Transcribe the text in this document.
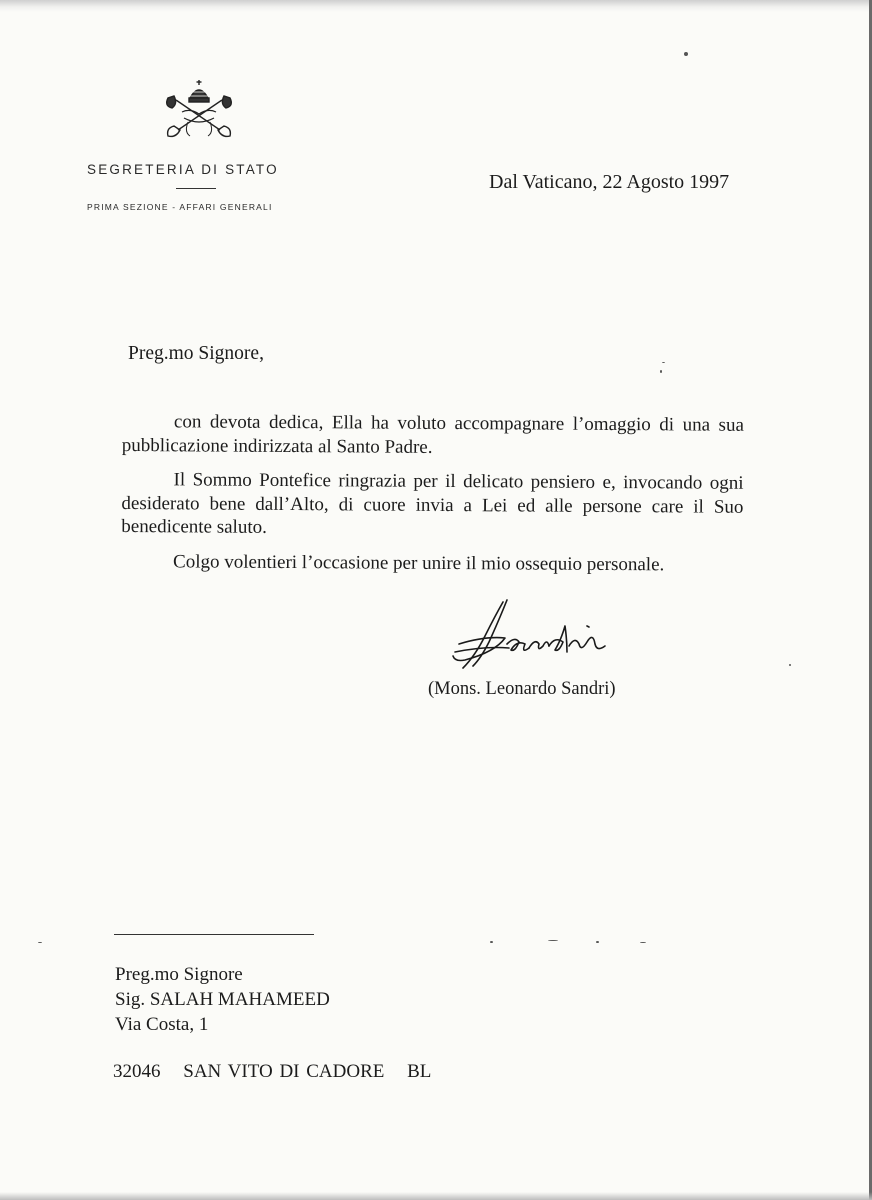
SEGRETERIA DI STATO
PRIMA SEZIONE - AFFARI GENERALI
Dal Vaticano, 22 Agosto 1997
Preg.mo Signore,

con devota dedica, Ella ha voluto accompagnare l’omaggio di una sua pubblicazione indirizzata al Santo Padre.

Il Sommo Pontefice ringrazia per il delicato pensiero e, invocando ogni desiderato bene dall’Alto, di cuore invia a Lei ed alle persone care il Suo benedicente saluto.

Colgo volentieri l’occasione per unire il mio ossequio personale.

(Mons. Leonardo Sandri)
Preg.mo Signore
Sig. SALAH MAHAMEED
Via Costa, 1
32046 SAN VITO DI CADORE BL
